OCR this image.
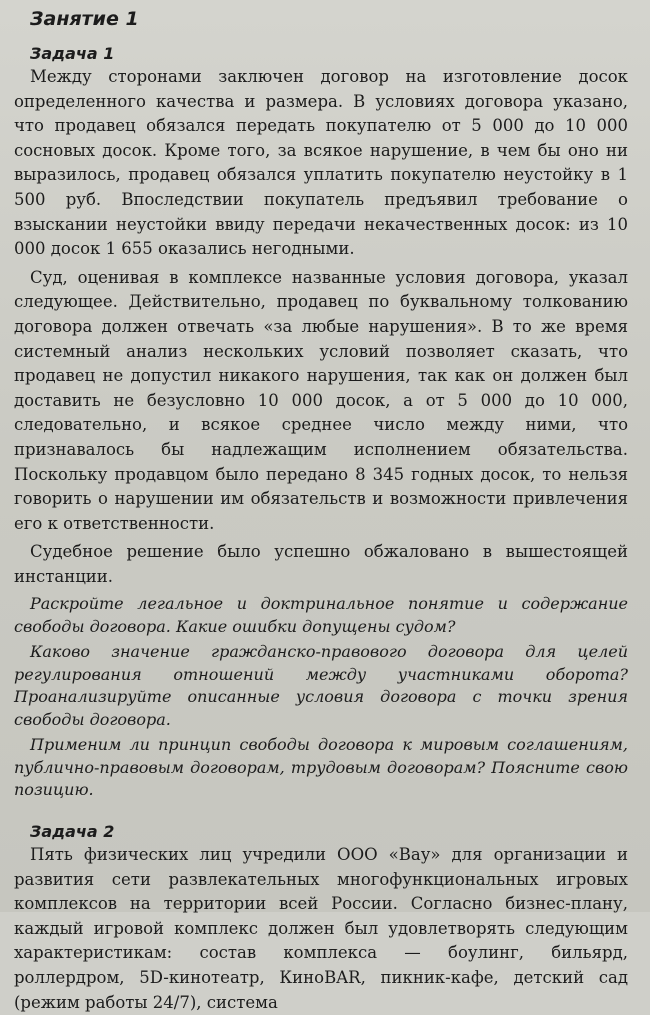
Занятие 1
Задача 1

Между сторонами заключен договор на изготовление досок определенного качества и размера. В условиях договора указано, что продавец обязался передать покупателю от 5 000 до 10 000 сосновых досок. Кроме того, за всякое нарушение, в чем бы оно ни выразилось, продавец обязался уплатить покупателю неустойку в 1 500 руб. Впоследствии покупатель предъявил требование о взыскании неустойки ввиду передачи некачественных досок: из 10 000 досок 1 655 оказались негодными.

Суд, оценивая в комплексе названные условия договора, указал следующее. Действительно, продавец по буквальному толкованию договора должен отвечать «за любые нарушения». В то же время системный анализ нескольких условий позволяет сказать, что продавец не допустил никакого нарушения, так как он должен был доставить не безусловно 10 000 досок, а от 5 000 до 10 000, следовательно, и всякое среднее число между ними, что признавалось бы надлежащим исполнением обязательства. Поскольку продавцом было передано 8 345 годных досок, то нельзя говорить о нарушении им обязательств и возможности привлечения его к ответственности.

Судебное решение было успешно обжаловано в вышестоящей инстанции.

Раскройте легальное и доктринальное понятие и содержание свободы договора. Какие ошибки допущены судом?

Каково значение гражданско-правового договора для целей регулирования отношений между участниками оборота? Проанализируйте описанные условия договора с точки зрения свободы договора.

Применим ли принцип свободы договора к мировым соглашениям, публично-правовым договорам, трудовым договорам? Поясните свою позицию.

Задача 2

Пять физических лиц учредили ООО «Вау» для организации и развития сети развлекательных многофункциональных игровых комплексов на территории всей России. Согласно бизнес-плану, каждый игровой комплекс должен был удовлетворять следующим характеристикам: состав комплекса — боулинг, бильярд, роллердром, 5D-кинотеатр, КиноBAR, пикник-кафе, детский сад (режим работы 24/7), система
